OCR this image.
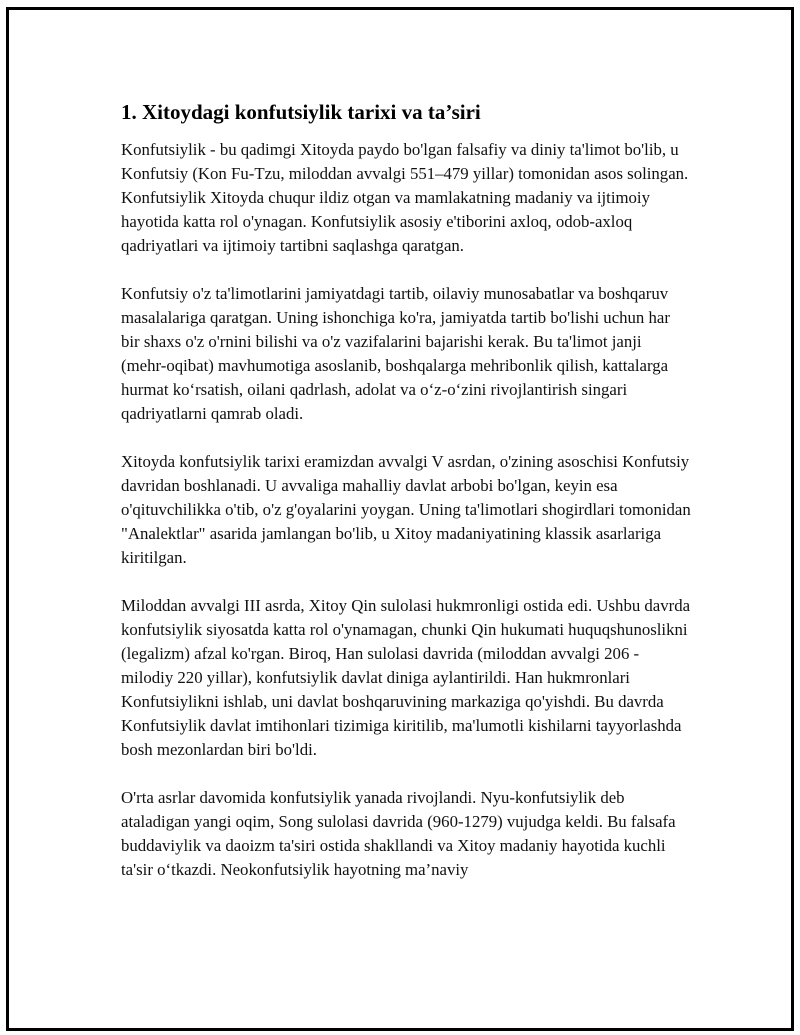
1. Xitoydagi konfutsiylik tarixi va ta’siri

Konfutsiylik - bu qadimgi Xitoyda paydo bo'lgan falsafiy va diniy ta'limot bo'lib, u Konfutsiy (Kon Fu-Tzu, miloddan avvalgi 551–479 yillar) tomonidan asos solingan. Konfutsiylik Xitoyda chuqur ildiz otgan va mamlakatning madaniy va ijtimoiy hayotida katta rol o'ynagan. Konfutsiylik asosiy e'tiborini axloq, odob-axloq qadriyatlari va ijtimoiy tartibni saqlashga qaratgan.

Konfutsiy o'z ta'limotlarini jamiyatdagi tartib, oilaviy munosabatlar va boshqaruv masalalariga qaratgan. Uning ishonchiga ko'ra, jamiyatda tartib bo'lishi uchun har bir shaxs o'z o'rnini bilishi va o'z vazifalarini bajarishi kerak. Bu ta'limot janji (mehr-oqibat) mavhumotiga asoslanib, boshqalarga mehribonlik qilish, kattalarga hurmat ko‘rsatish, oilani qadrlash, adolat va o‘z-o‘zini rivojlantirish singari qadriyatlarni qamrab oladi.

Xitoyda konfutsiylik tarixi eramizdan avvalgi V asrdan, o'zining asoschisi Konfutsiy davridan boshlanadi. U avvaliga mahalliy davlat arbobi bo'lgan, keyin esa o'qituvchilikka o'tib, o'z g'oyalarini yoygan. Uning ta'limotlari shogirdlari tomonidan "Analektlar" asarida jamlangan bo'lib, u Xitoy madaniyatining klassik asarlariga kiritilgan.

Miloddan avvalgi III asrda, Xitoy Qin sulolasi hukmronligi ostida edi. Ushbu davrda konfutsiylik siyosatda katta rol o'ynamagan, chunki Qin hukumati huquqshunoslikni (legalizm) afzal ko'rgan. Biroq, Han sulolasi davrida (miloddan avvalgi 206 - milodiy 220 yillar), konfutsiylik davlat diniga aylantirildi. Han hukmronlari Konfutsiylikni ishlab, uni davlat boshqaruvining markaziga qo'yishdi. Bu davrda Konfutsiylik davlat imtihonlari tizimiga kiritilib, ma'lumotli kishilarni tayyorlashda bosh mezonlardan biri bo'ldi.

O'rta asrlar davomida konfutsiylik yanada rivojlandi. Nyu-konfutsiylik deb ataladigan yangi oqim, Song sulolasi davrida (960-1279) vujudga keldi. Bu falsafa buddaviylik va daoizm ta'siri ostida shakllandi va Xitoy madaniy hayotida kuchli ta'sir o‘tkazdi. Neokonfutsiylik hayotning ma’naviy
